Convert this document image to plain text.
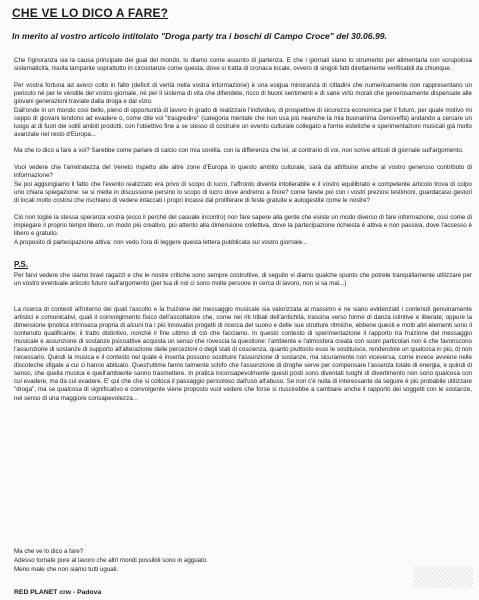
CHE VE LO DICO A FARE?
In merito al vostro articolo intitolato "Droga party tra i boschi di Campo Croce" del 30.06.99.
Che l'ignoranza sia la causa principale dei guai del mondo, lo diamo come assunto di partenza. E che i giornali siano lo strumento per alimentarla con scrupolosa sistematicità, risulta lampante soprattutto in circostanze come questa, dove si tratta di cronaca locale, ovvero di singoli fatti direttamente verificabili da chiunque.
Per vostra fortuna ad averci colto in fallo (deficit di verità nella vostra informazione) è una esigua minoranza di cittadini che numericamente non rappresentano un pericolo né per le vendite del vostro giornale, né per il sistema di vita che difendete, ricco di buoni sentimenti e di sane virtù morali che generosamente dispensate alle giovani generazioni traviate dalla droga e dal vizio.
Dall'onde in un mondo così bello, pieno di opportunità di lavoro in grado di realizzare l'individuo, di prospettive di sicurezza economica per il futuro, per quale motivo mi ceppo di giovani tendono ad evadere o, come dite voi "trasgredire" (categoria mentale che non usa più neanche la mia buonanima Genoveffa) andando a cercare un luogo al di fuori dei soliti ambiti prodotti, con l'obiettivo fine a se stesso di costruire un evento culturale collegato a forme estetiche e sperimentazioni musicali già molto avanzate nel resto d'Europa...
Ma che lo dico a fare a voi? Sarebbe come parlare di calcio con mia sorella, con la differenza che lei, al contrario di voi, non scrive articoli di giornale sull'argomento.
Vuoi vedere che l'arretratezza del Veneto rispetto alle altre zone d'Europa in questo ambito culturale, sarà da attribuire anche al vostro generoso contributo di informazione?
Se poi aggiungiamo il fatto che l'evento realizzato era privo di scopo di lucro, l'affronto diventa intollerabile e il vostro equilibrato e competente articolo trova di colpo uno chiara spiegazione: se si mette in discussione persino lo scopo di lucro dove andremo a finire? come farete poi con i vostri preziosi testimoni, guardacaso gestori di locali molto costosi che rischiano di vedere intaccati i propri incassi dal proliferare di feste gratuite e autogestite come le nostre?
Ciò non toglie la stessa speranza vostra (ecco il perché del casuale incontro) non fare sapere alla gente che esiste un modo diverso di fare informazione, così come di impiegare il proprio tempo libero, un modo più creativo, più attento alla dimensione collettiva, dove la partecipazione richiesta è attiva e non passiva, dove l'accesso è libero e gratuito.
A proposito di partecipazione attiva: non vedo l'ora di leggere questa lettera pubblicata sul vostro giornale...
P.S.
Per farvi vedere che siamo bravi ragazzi e che le nostre critiche sono sempre costruttive, di seguito vi diamo qualche spunto che potrete tranquillamente utilizzare per un vostro eventuale articolo futuro sull'argomento (per tua di noi ci sono molte persone in cerca di lavoro, non si sa mai...)
La ricerca di contesti all'interno dei quali l'ascolto e la fruizione del messaggio musicale sia valorizzata al massimo e ne siano evidenziati i contenuti genuinamente artistici e comunicativi, quali il coinvolgimento fisico dell'ascoltatore che, come nei riti tribali dell'antichità, trascina verso forme di danza istintive e liberate; oppure la dimensione ipnotica intrinseca propria di alcuni tra i più innovativi progetti di ricerca del suono e delle sue strutture ritmiche, ebbene questi e molti altri elementi sono il contenuto qualificante, il tratto distintivo, nonché il fine ultimo di ciò che facciamo. In questo contesto di sperimentazione il rapporto tra fruizione del messaggio musicale e assunzione di sostanze psicoattive acquista un senso che rovescia la questione: l'ambiente e l'atmosfera creata con suoni particolari non è che favoriscono l'assunzione di sostanze di supporto all'alterazione delle percezioni o degli stati di coscienza, quanto piuttosto esso le sostituisce, rendendole un qualcosa in più, di non necessario. Quindi la musica e il contesto nel quale è inserita possono sostituire l'assunzione di sostanze, ma sicuramente non viceversa, come invece avviene nelle discoteche sfigate a cui ci hanno abituato. Quest'ultime fanno talmente schifo che l'assunzione di droghe serve per compensare l'assenza totale di energia, e quindi di senso, che quella musica e quell'ambiente sanno trasmettere. In pratica inconsapevolmente questi posti sono diventati luoghi di divertimento non sono qualcosa con cui evadere, ma da cui evadere. E' qui che che si colloca il passaggio pericoloso dall'uso all'abuso. Se non c'è nulla di interessante da seguire è più probabile utilizzare "droga", ma se qualcosa di significativo e coinvolgente viene proposto vuol vedere che forse si riuscirebbe a cambiare anche il rapporto dei soggetti con le sostanze, nel senso di una maggiore consapevolezza...
Ma che ve lo dico a fare?
Adesso tornate pure al lavoro che altri mondi possibili sono in agguato.
Meno male che non siamo tutti uguali.
RED PLANET crw - Padova
